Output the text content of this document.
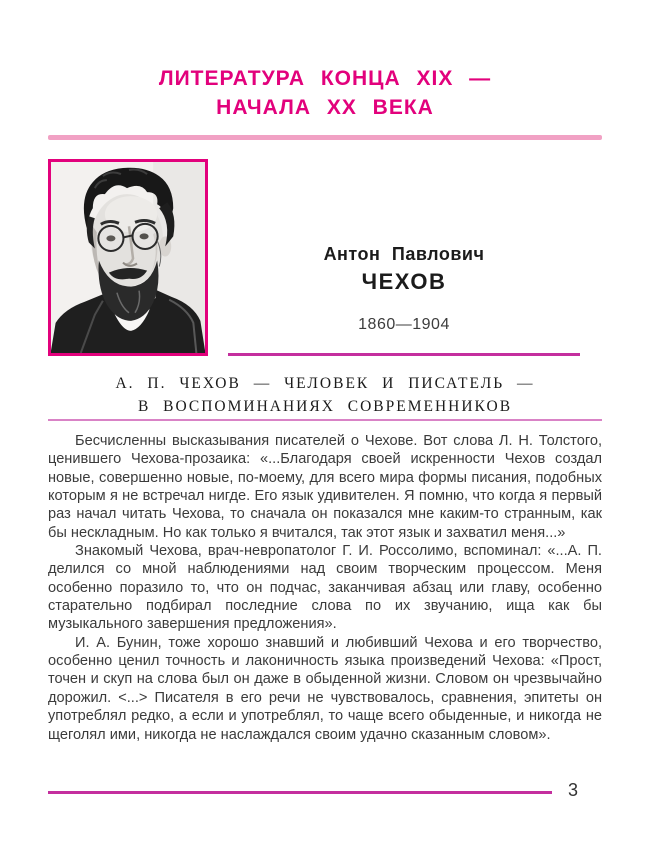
ЛИТЕРАТУРА КОНЦА XIX —
НАЧАЛА XX ВЕКА
Антон Павлович
ЧЕХОВ
1860—1904
А. П. ЧЕХОВ — ЧЕЛОВЕК И ПИСАТЕЛЬ —
В ВОСПОМИНАНИЯХ СОВРЕМЕННИКОВ

Бесчисленны высказывания писателей о Чехове. Вот слова Л. Н. Толстого, ценившего Чехова-прозаика: «...Благодаря своей искренности Чехов создал новые, совершенно новые, по-моему, для всего мира формы писания, подобных которым я не встречал нигде. Его язык удивителен. Я помню, что когда я первый раз начал читать Чехова, то сначала он показался мне каким-то странным, как бы нескладным. Но как только я вчитался, так этот язык и захватил меня...»

Знакомый Чехова, врач-невропатолог Г. И. Россолимо, вспоминал: «...А. П. делился со мной наблюдениями над своим творческим процессом. Меня особенно поразило то, что он подчас, заканчивая абзац или главу, особенно старательно подбирал последние слова по их звучанию, ища как бы музыкального завершения предложения».

И. А. Бунин, тоже хорошо знавший и любивший Чехова и его творчество, особенно ценил точность и лаконичность языка произведений Чехова: «Прост, точен и скуп на слова был он даже в обыденной жизни. Словом он чрезвычайно дорожил. <...> Писателя в его речи не чувствовалось, сравнения, эпитеты он употреблял редко, а если и употреблял, то чаще всего обыденные, и никогда не щеголял ими, никогда не наслаждался своим удачно сказанным словом».

3
